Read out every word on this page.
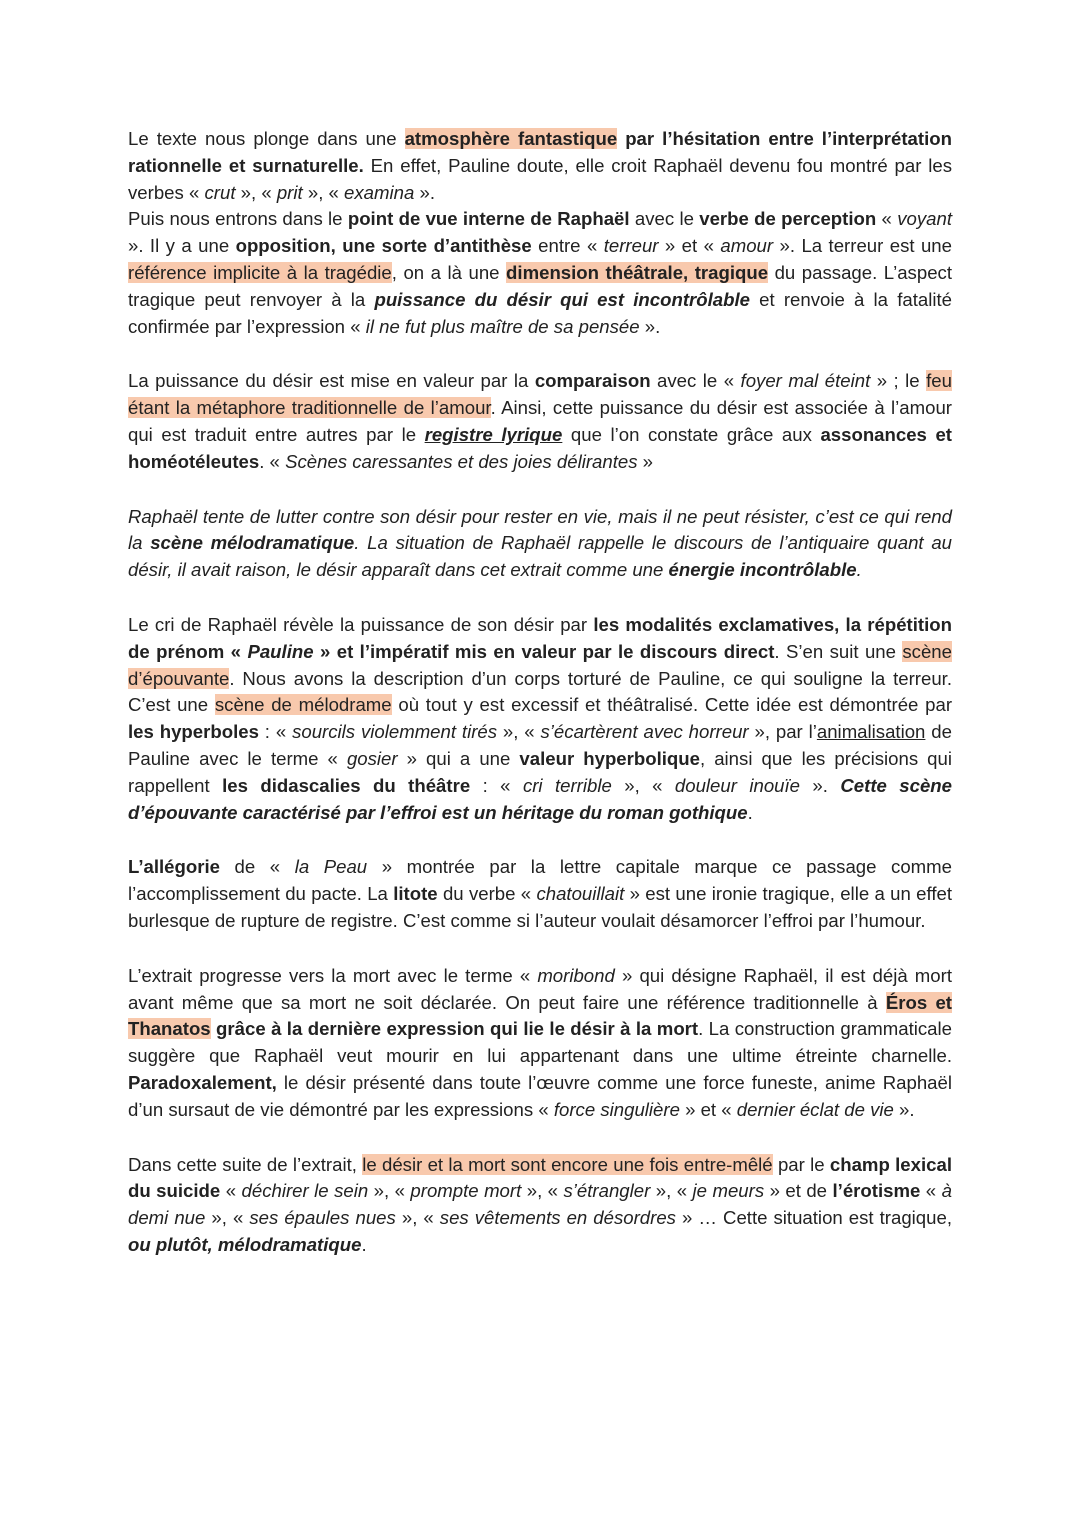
Le texte nous plonge dans une atmosphère fantastique par l’hésitation entre l’interprétation rationnelle et surnaturelle. En effet, Pauline doute, elle croit Raphaël devenu fou montré par les verbes « crut », « prit », « examina ».

Puis nous entrons dans le point de vue interne de Raphaël avec le verbe de perception « voyant ». Il y a une opposition, une sorte d’antithèse entre « terreur » et « amour ». La terreur est une référence implicite à la tragédie, on a là une dimension théâtrale, tragique du passage. L’aspect tragique peut renvoyer à la puissance du désir qui est incontrôlable et renvoie à la fatalité confirmée par l’expression « il ne fut plus maître de sa pensée ».

La puissance du désir est mise en valeur par la comparaison avec le « foyer mal éteint » ; le feu étant la métaphore traditionnelle de l’amour. Ainsi, cette puissance du désir est associée à l’amour qui est traduit entre autres par le registre lyrique que l’on constate grâce aux assonances et homéotéleutes. « Scènes caressantes et des joies délirantes »

Raphaël tente de lutter contre son désir pour rester en vie, mais il ne peut résister, c’est ce qui rend la scène mélodramatique. La situation de Raphaël rappelle le discours de l’antiquaire quant au désir, il avait raison, le désir apparaît dans cet extrait comme une énergie incontrôlable.

Le cri de Raphaël révèle la puissance de son désir par les modalités exclamatives, la répétition de prénom « Pauline » et l’impératif mis en valeur par le discours direct. S’en suit une scène d’épouvante. Nous avons la description d’un corps torturé de Pauline, ce qui souligne la terreur. C’est une scène de mélodrame où tout y est excessif et théâtralisé. Cette idée est démontrée par les hyperboles : « sourcils violemment tirés », « s’écartèrent avec horreur », par l’animalisation de Pauline avec le terme « gosier » qui a une valeur hyperbolique, ainsi que les précisions qui rappellent les didascalies du théâtre : « cri terrible », « douleur inouïe ». Cette scène d’épouvante caractérisé par l’effroi est un héritage du roman gothique.

L’allégorie de « la Peau » montrée par la lettre capitale marque ce passage comme l’accomplissement du pacte. La litote du verbe « chatouillait » est une ironie tragique, elle a un effet burlesque de rupture de registre. C’est comme si l’auteur voulait désamorcer l’effroi par l’humour.

L’extrait progresse vers la mort avec le terme « moribond » qui désigne Raphaël, il est déjà mort avant même que sa mort ne soit déclarée. On peut faire une référence traditionnelle à Éros et Thanatos grâce à la dernière expression qui lie le désir à la mort. La construction grammaticale suggère que Raphaël veut mourir en lui appartenant dans une ultime étreinte charnelle. Paradoxalement, le désir présenté dans toute l’œuvre comme une force funeste, anime Raphaël d’un sursaut de vie démontré par les expressions « force singulière » et « dernier éclat de vie ».

Dans cette suite de l’extrait, le désir et la mort sont encore une fois entre-mêlé par le champ lexical du suicide « déchirer le sein », « prompte mort », « s’étrangler », « je meurs » et de l’érotisme « à demi nue », « ses épaules nues », « ses vêtements en désordres » … Cette situation est tragique, ou plutôt, mélodramatique.
